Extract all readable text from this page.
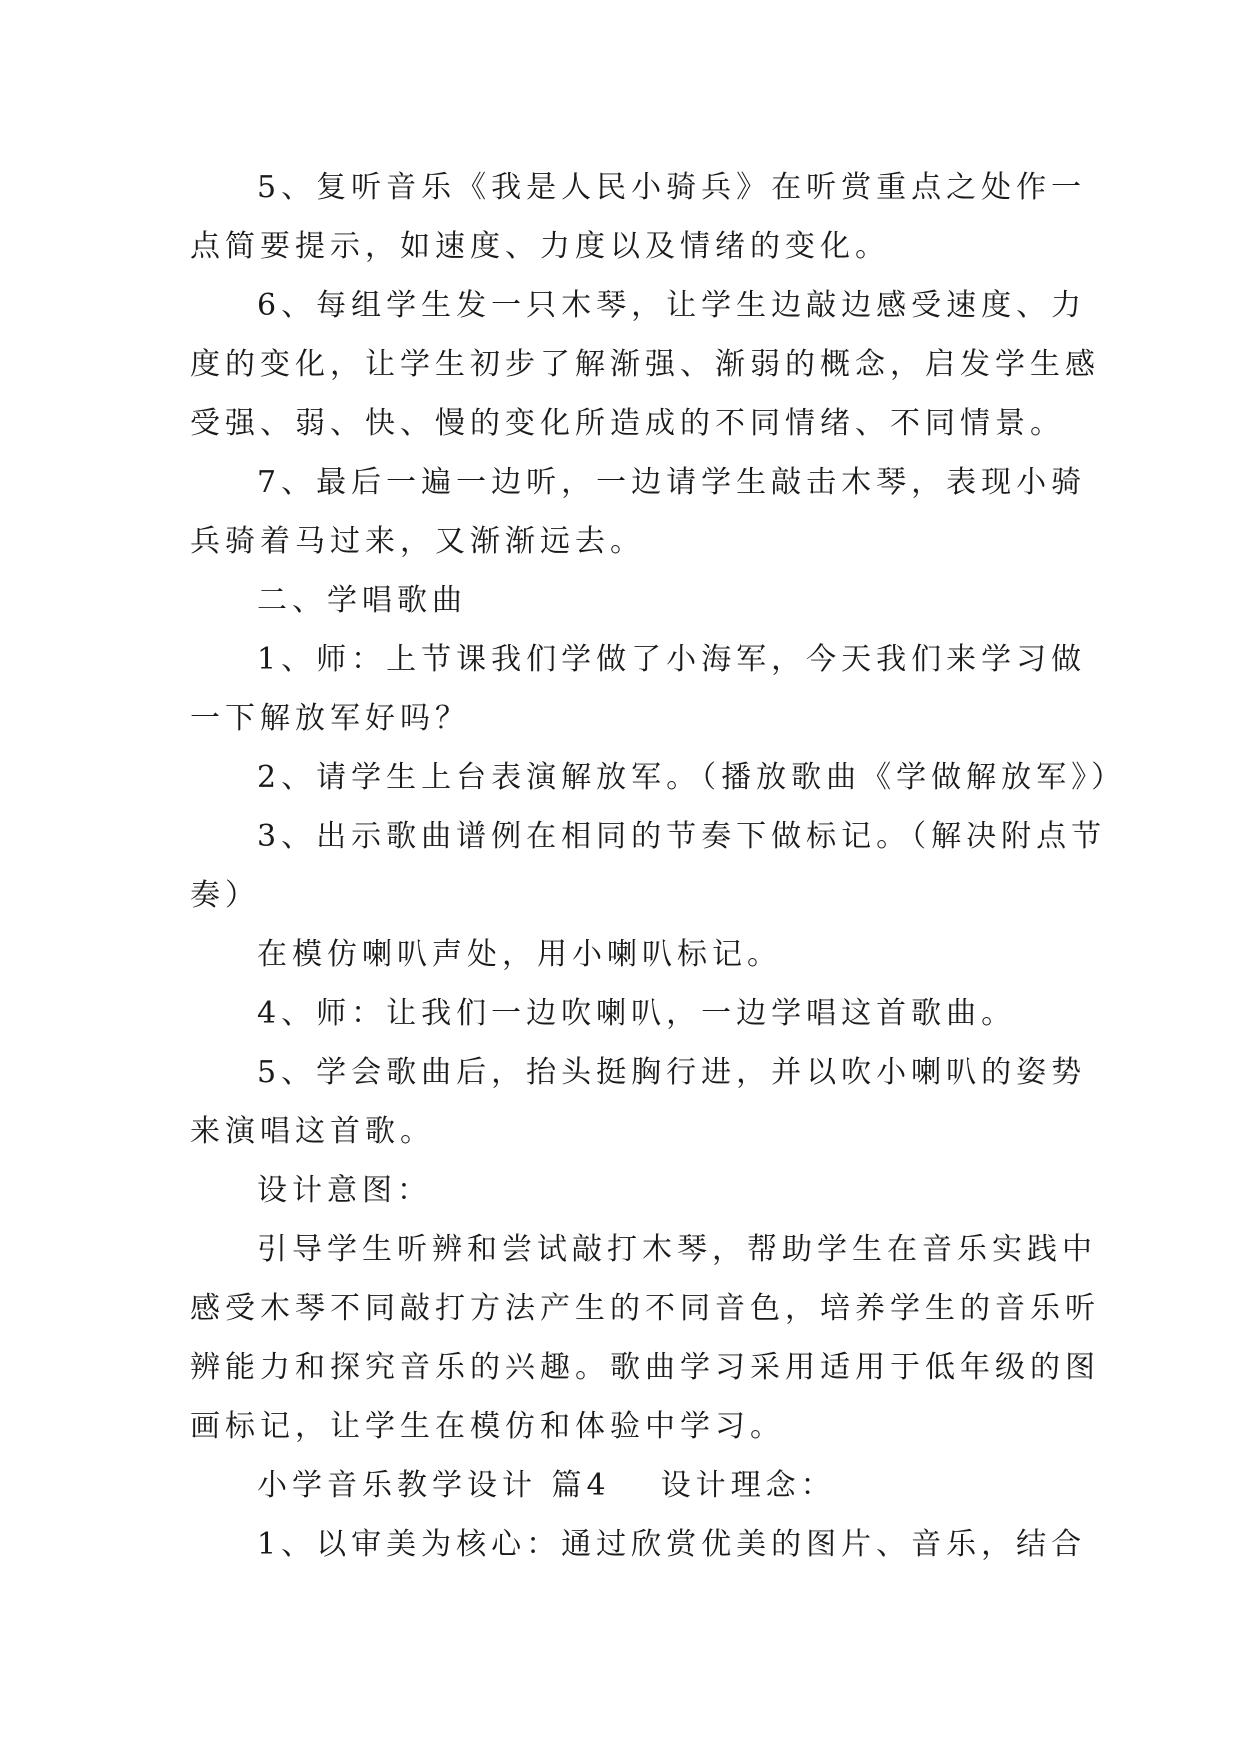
5、复听音乐《我是人民小骑兵》在听赏重点之处作一

点简要提示，如速度、力度以及情绪的变化。

6、每组学生发一只木琴，让学生边敲边感受速度、力

度的变化，让学生初步了解渐强、渐弱的概念，启发学生感

受强、弱、快、慢的变化所造成的不同情绪、不同情景。

7、最后一遍一边听，一边请学生敲击木琴，表现小骑

兵骑着马过来，又渐渐远去。

二、学唱歌曲

1、师：上节课我们学做了小海军，今天我们来学习做

一下解放军好吗？

2、请学生上台表演解放军。（播放歌曲《学做解放军》）

3、出示歌曲谱例在相同的节奏下做标记。（解决附点节

奏）

在模仿喇叭声处，用小喇叭标记。

4、师：让我们一边吹喇叭，一边学唱这首歌曲。

5、学会歌曲后，抬头挺胸行进，并以吹小喇叭的姿势

来演唱这首歌。

设计意图：

引导学生听辨和尝试敲打木琴，帮助学生在音乐实践中

感受木琴不同敲打方法产生的不同音色，培养学生的音乐听

辨能力和探究音乐的兴趣。歌曲学习采用适用于低年级的图

画标记，让学生在模仿和体验中学习。

小学音乐教学设计 篇4 设计理念：

1、以审美为核心：通过欣赏优美的图片、音乐，结合
